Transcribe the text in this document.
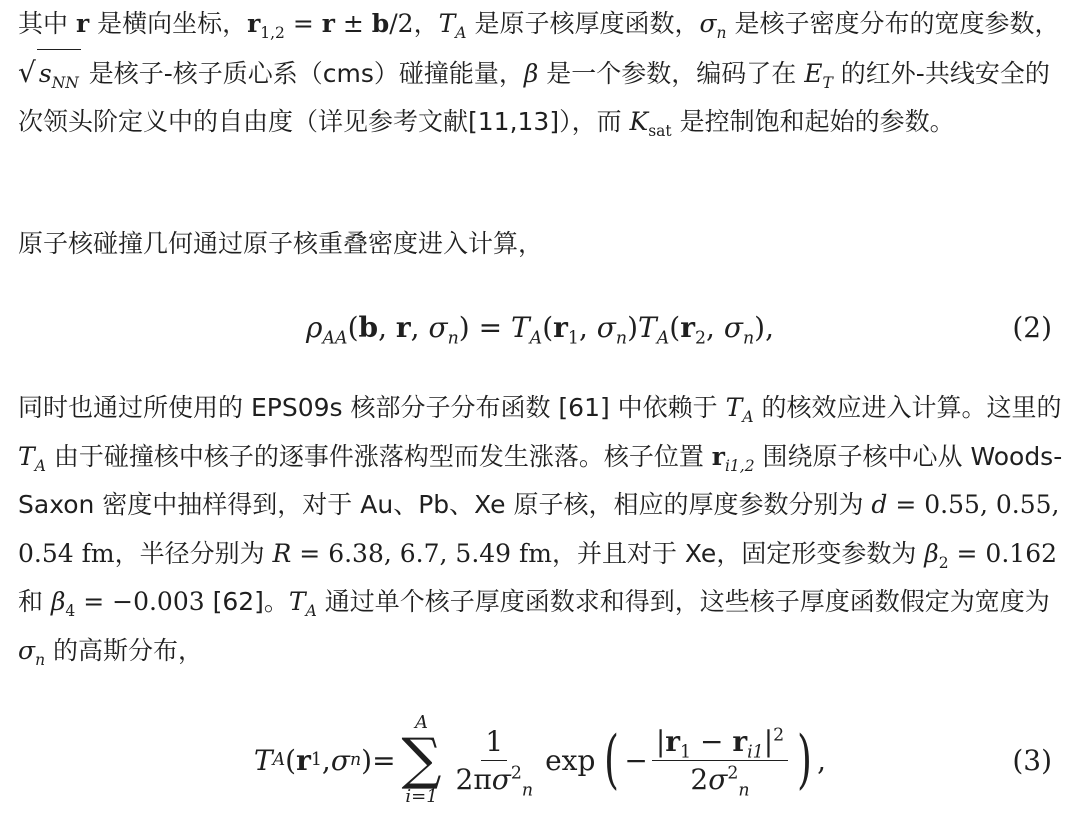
其中 r 是横向坐标，$r_{1,2} = r \pm b/2$，$T_A$ 是原子核厚度函数，$\sigma_n$ 是核子密度分布的宽度参数，√ $s_{NN}$ 是核子-核子质心系（cms）碰撞能量，β 是一个参数，编码了在 $E_T$ 的红外-共线安全的次领头阶定义中的自由度（详见参考文献[11,13]），而 $K_{sat}$ 是控制饱和起始的参数。

原子核碰撞几何通过原子核重叠密度进入计算，

$\rho_{AA}(b$, r, $\sigma_n) = T_A(r_1$, $\sigma_n)T_A(r_2$, $\sigma_n$),	(2)

同时也通过所使用的 EPS09s 核部分子分布函数 [61] 中依赖于 $T_A$ 的核效应进入计算。这里的 $T_A$ 由于碰撞核中核子的逐事件涨落构型而发生涨落。核子位置 $r_{i1,2}$ 围绕原子核中心从 Woods-Saxon 密度中抽样得到，对于 Au、Pb、Xe 原子核，相应的厚度参数分别为 d = 0.55, 0.55, 0.54 fm，半径分别为 R = 6.38, 6.7, 5.49 fm，并且对于 Xe，固定形变参数为 $\beta_2 = 0.162$ 和 $\beta_4 = -0.003$ [62]。$T_A$ 通过单个核子厚度函数求和得到，这些核子厚度函数假定为宽度为 $\sigma_n$ 的高斯分布，

T A ( r 1 , σ n ) =
A
∑
i=1
$\frac{1}{2\pi\sigma^2_n}$ exp ( − $\frac{|r_1 - r_{i1}|^2}{2\sigma^2_n}$ ) ,	(3)
